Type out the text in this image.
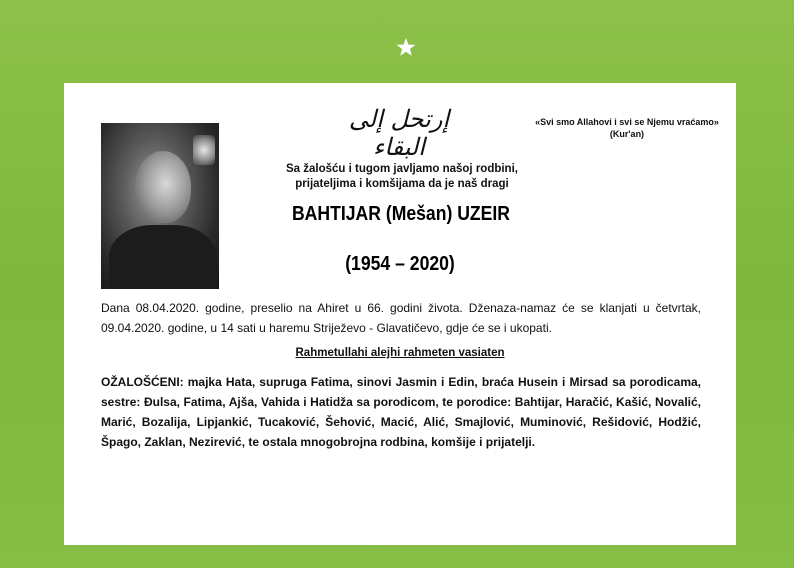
إرتحل إلى البقاء
«Svi smo Allahovi i svi se Njemu vraćamo» (Kur'an)
Sa žalošću i tugom javljamo našoj rodbini, prijateljima i komšijama da je naš dragi
BAHTIJAR (Mešan) UZEIR
(1954 – 2020)
Dana 08.04.2020. godine, preselio na Ahiret u 66. godini života. Dženaza-namaz će se klanjati u četvrtak, 09.04.2020. godine, u 14 sati u haremu Striježevo - Glavatičevo, gdje će se i ukopati.
Rahmetullahi alejhi rahmeten vasiaten
OŽALOŠĆENI: majka Hata, supruga Fatima, sinovi Jasmin i Edin, braća Husein i Mirsad sa porodicama, sestre: Đulsa, Fatima, Ajša, Vahida i Hatidža sa porodicom, te porodice: Bahtijar, Haračić, Kašić, Novalić, Marić, Bozalija, Lipjankić, Tucaković, Šehović, Macić, Alić, Smajlović, Muminović, Rešidović, Hodžić, Špago, Zaklan, Nezirević, te ostala mnogobrojna rodbina, komšije i prijatelji.
